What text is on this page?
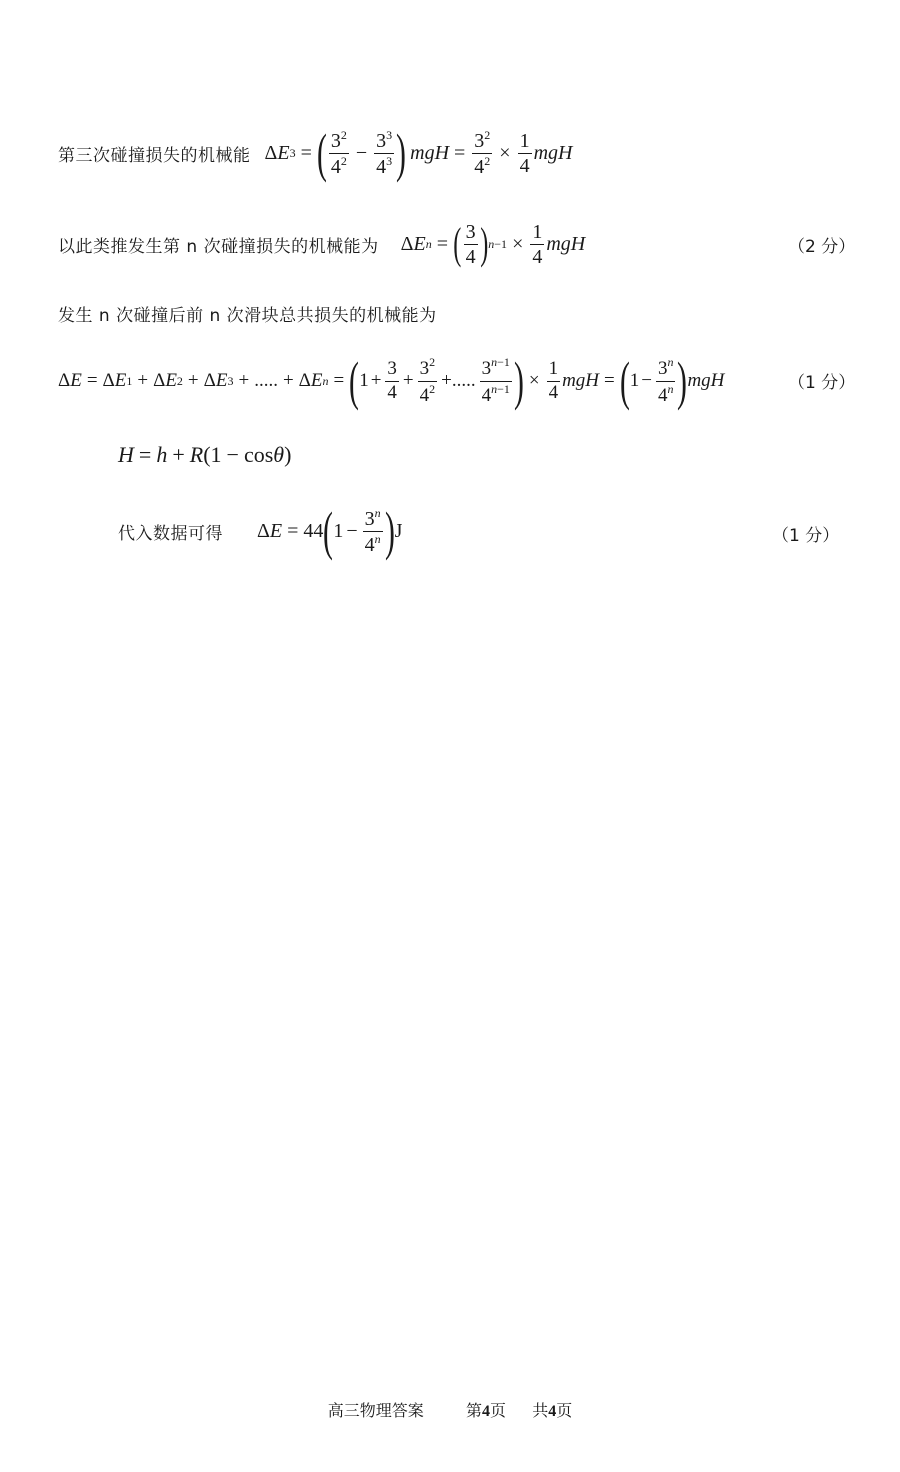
第三次碰撞损失的机械能 Δ E 3 = ( $\frac{3^2}{4^2} - \frac{3^3}{4^3}$ ) mgH = $\frac{3^2}{4^2} \times \frac{1}{4}$ mgH
以此类推发生第 n 次碰撞损失的机械能为 Δ E n = ( $\frac{3}{4}$ ) $n -1 \times \frac{1}{4}$ mgH	（2 分）
发生 n 次碰撞后前 n 次滑块总共损失的机械能为
Δ E = Δ E 1 + Δ E 2 + Δ E 3 + ..... + Δ E n = ( $1 + \frac{3}{4} + \frac{3^2}{4^2}$ +..... $\frac{3^{n-1}}{4^{n-1}}$ ) × $\frac{1}{4}$ mgH = ( $1 - \frac{3^n}{4^n}$ ) mgH	（1 分）
H = h + R (1 − cos θ )
代入数据可得 Δ E = 44 ( $1 - \frac{3^n}{4^n}$ ) J	（1 分）
高三物理答案	第4页 共4页
